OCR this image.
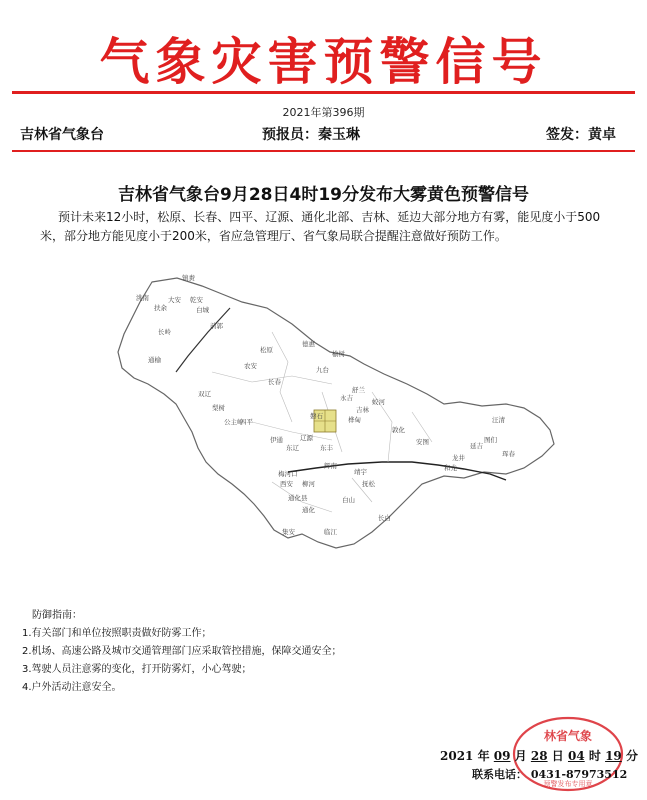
气象灾害预警信号
2021年第396期
吉林省气象台	预报员：秦玉琳	签发：黄卓
吉林省气象台9月28日4时19分发布大雾黄色预警信号
预计未来12小时，松原、长春、四平、辽源、通化北部、吉林、延边大部分地方有雾，能见度小于500米，部分地方能见度小于200米，省应急管理厅、省气象局联合提醒注意做好预防工作。
扶余
乾安
前郭
长岭
通榆
镇赉
洮南
白城
大安
松原
农安
德惠
九台
长春
公主岭
双辽
梨树
四平
伊通
东辽
辽源
东丰
梅河口
柳河
辉南
通化
集安
白山
靖宇
抚松
长白
临江
磐石	桦甸
蛟河
敦化
安图
和龙
龙井
延吉
图们
珲春
汪清
舒兰
榆树
永吉
吉林
西安
通化县
防御指南：
1.有关部门和单位按照职责做好防雾工作；
2.机场、高速公路及城市交通管理部门应采取管控措施，保障交通安全；
3.驾驶人员注意雾的变化，打开防雾灯，小心驾驶；
4.户外活动注意安全。
林省气象
预警发布专用章
2021 年 09 月 28 日 04 时 19 分
联系电话： 0431-87973512
